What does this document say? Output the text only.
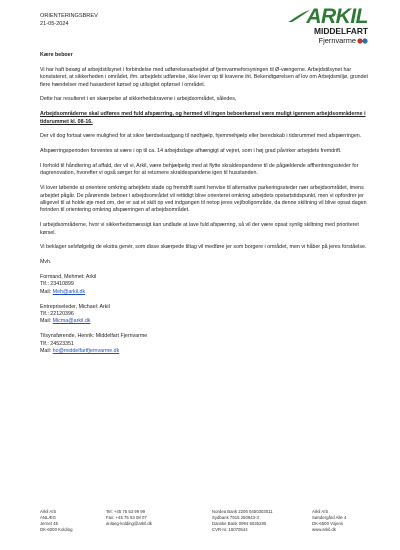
ORIENTERINGSBREV
21-05-2024	ARKIL
MIDDELFART
Fjernvarme

Kære beboer

Vi har haft besøg af arbejdstilsynet i forbindelse med udførelsesarbejdet af fjernvarmeforsyningen til Ø-vængerne. Arbejdstilsynet har konstateret, at sikkerheden i området, ifm. arbejdets udførelse, ikke lever op til kravene iht. Bekendtgørelsen af lov om Arbejdsmiljø, grundet flere hændelser med hasarderet kørsel og utilsigtet opførsel i området.

Dette har resulteret i en skærpelse af sikkerhedskravene i arbejdsområdet, således,

Arbejdsområderne skal udføres med fuld afspærring, og hermed vil ingen beboerkørsel være muligt igennem arbejdsområderne i tidsrummet kl. 08-16.

Der vil dog fortsat være mulighed for at sikre færdselsadgang til nødhjælp, hjemmehjælp eller beredskab i tidsrummet med afspærringen.

Afspærringsperioden forventes at være i op til ca. 14 arbejdsdage afhængigt af vejret, som i høj grad påvirker arbejdets fremdrift.

I forhold til håndtering af affald, der vil vi, Arkil, være behjælpelig med at flytte skraldespandene til de pågældende affhentningssteder for dagrenovation, hvorefter vi også sørger for at returnere skraldespandene igen til husstanden.

Vi lover løbende at orientere omkring arbejdets stade og fremdrift samt henvise til alternative parkeringssteder nær arbejdsområdet, imens arbejdet pågår. De pårørende beboer i arbejdsområdet vil rettidigt blive orienteret omkring arbejdets opstartstidspunkt, men vi opfordrer jer alligevel til at holde øje med om, der er sat et skilt op ved indgangen til netop jeres vej/boligområde, da denne skiltning vil blive opsat dagen forinden til orientering omkring afspærringen af arbejdsområdet.

I arbejdsområderne, hvor vi sikkerhedsmæssigt kan undlade at lave fuld afspærring, så vil der være opsat synlig skiltning med prioriteret kørsel.

Vi beklager selvfølgelig de ekstra genér, som disse skærpede tiltag vil medføre jer som borgere i området, men vi håber på jeres forståelse.

Mvh.

Formand, Mehmet: Arkil

Tlf.: 23410899

Mail: Meh@arkil.dk

Entrepriseleder, Michael: Arkil

Tlf.: 22120396

Mail: Micma@arkil.dk

Tilsynsførende, Henrik: Middelfart Fjernvarme

Tlf.: 24523351

Mail: ho@middelfartfjernvarme.dk

Arkil A/S
ANLÆG
Jernet 4E
DK-6000 Kolding
Tel: +45 75 53 99 99
Fax: +45 75 53 08 07
anlaeg-kolding@arkil.dk
Nordea Bank 2206 0450303011
Sydbank 7915 250843-3
Danske Bank 0994 6035280
CVR-nr. 15070544
Arkil A/S
Søndergård Alle 4
DK-6500 Vojens
www.arkil.dk
